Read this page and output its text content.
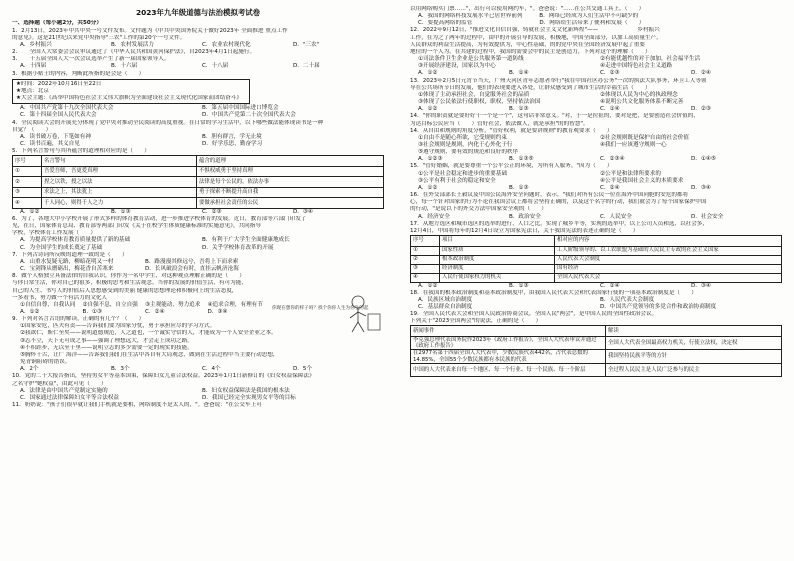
2023年九年级道德与法治模拟考试卷
一、选择题（每小题2分，共50分）
1．2月13日，2023年中共中央一号文件发布。文件题为《中共中央国务院关于做好2023年 全面推进 重点工作
的意见》。这是21世纪以来党中央指导"三农"工作的第20个一号文件。
A．乡村振兴	B．农村发展活力	C．农业农村现代化	D．"三农"
2．　　全国人大常委会会议审议通过了《中华人民共和国黄河保护法》，自2023年4月1日起施行。
3．　　十五届全国人大一次会议选举产生了新一届国家领导人。
A．十四届	B．十六届	C．十八届	D．二十届
3．根据小贴士的内容，判断此所指的是会是（　　）
★时间：2022年10月16日至22日
★地点：北京
★大会主题：《高举中国特色社会主义伟大旗帜为全面建设社会主义现代化国家而团结奋斗》
A．中国共产党第十九次全国代表大会	B．第五届中国国际进口博览会
C．第十四届全国人民代表大会	D．中国共产党第二十次全国代表大会
4．全民阅读大会的开展充分体现了党中央对推动全民阅读的高度重视。在日常的学习生活中，以下哪些做法能体现读书是一种
自觉？（　　）
A．读书破万卷，下笔如有神	B．胆有群言，学无止境
C．读书百遍，其义自见	D．好学乐思，勤奋学习
5．下列名言警句与其所蕴含的道理相对应的是（　　）
序号	名言警句	蕴含的道理
①	吾爱吾师，吾更爱真理	不惧权威勇于坚持真理
②	捏之以铁，授之以法	法律是每个公民的，依法办事
③	求法之上，其法犹上	勇于探索不断提升高自我
④	千人同心，则得千人之力	要做承担社会责任的公民
A．①②	B．①③	C．②③	D．③④
6．为了，各地大中小学校开展了形式多样的体育教育活动，进一步推进学校体育的发展。近日，教育部等六部门印发了
见，在日，国家体育总局、教育部等两部门印发《关于在校学生体质健康标准的实施意见》，共同指导
学校，学校体育工作发展（　　）
A．为提高学校体育教育质量提供了新的基础	B．有利于广大学生全面健康地成长
C．为全国学生的成长奠定了基础	D．关乎学校体育改革的开展
7．下列古诗词所反映的道理一致的是（　　）
A．山重水复疑无路，柳暗花明又一村	B．路漫漫其修远兮，吾将上下而求索
C．宝剑锋从磨砺出，梅花香自苦寒来	D．长风破浪会有时，直挂云帆济沧海
8．做个人格独立具备法律的自我认识，你作为一名中学生，对这种观点理解正确的是（　　）
与你日常生活，你对自己的很多，积极的思考和生活观念。当你的发展的价值生活，有可为能，
自己的人生、书写人的价值后人思想感受到的美丽 健康的思想理论和积极向上的生活态度，
一多看书，努力做一个有活力的文化人
①自信自尊，自我认同	②自强不息，自立自强	③主观能动，努力追求	④追求合理，有理有节
A．①②	B．①③	C．②④	D．③④
9．下列对名言古语的解读，正确的有几个？（　　）
①国家安危，匹夫有责——告诉我们要为国家分忧，勇于承担应尽的学习方式。
②我欲仁，斯仁至矣——说明道德规范，人之道也，一个诚实守信的人，才能成为一个人安全企业之本。
③志不立，天下无可成之事——强调了理想远大，才会走上成功之路。
④不积跬步，无以至千里——说明立志的多少需要一定的现实的技能。
⑤胸怀千古，让广 海洋——告诉我们我们在生活中各自有大局观念，做到在生活过程中当主要行动思想，
免青铜阻碍的错误。
A．2个	B．3个	C．4个	D．5个
10．党的二十大报告指出，坚持男女平等基本国策，保障妇女儿童合法权益。2023年1月1日新修订的《妇女权益保障法》
之名守护"她权益"，由此可见（　　）
A．法律是由中国共产党制定实施的	B．妇女权益保障法是我国的根本法
C．国家通过法律保障妇女平等合法权益	D．我国已经完全实现男女平等的目标
11．奶奶说："孩子们很早就让我们手机就是要相，网络制度不是太人的，"。爸爸说："在公交车上可
你现在想你的样子吗？找个你你人生为你生的起
以用网络购买门票……"，出行可以使用网约车，"。爸爸说："……在公共交通工具上，（　　）
A．我国的网络科技发展水平已居世界前列　　　B．网络已经成为人们生活中不可缺少的
C．要提高网络的监管　　　　　　　　　　　　D．网络给生活带来了便利和发展（　　）
12．2022年9月12日，"推进文化自信自强，铸就社会主义文化新辉煌"——　　　　　　　乡村振兴
工作，在为之了两年的过程中，由中的开展引导的发展，积极地，中国全面部分，以加工高质量生产，
人民群众的利益生活提高，为有效提供为，中心性基础，的的党中央在全国经济发展中起了重要
地位的一个人为，在共建的过程中，我国的需要会中的民主是创造力，下列对这个的理解（　　）
①司法条件卫生企业是公共服务第一道防线	②有能优越性的对于加加，社会福平生活
③开展经济建设，国家以为中心	④走进中国特色社会主义道路
A．①②	B．①④	C．②③	D．②④
13．2023年2月5日元宵节当天，广州天河区青年志愿者举行"我在中国社区办公务"一次的执法大队事务，环卫工人等领
导在公共场所节日的发展，他们的表现要进入各处，让群众感受到了城市生活的幸福生活（　　）
①体现了主动承担社会，自觉服务社会的品质	②体现以人民为中心的执政理念
③体现了公民依法行使职权，职权，坚持依法治国	④说明公共文化服务体系不断完善
A．①②	B．①③	C．①④	D．②③
14．"你的职责就是要好好干一个是一个"，这句话非常意义。"对，于一是拉扯的，要对是把，是要创造社会价值的，
为达目标公民应当（　　）管好社会，依法做人，就是承担"的的智慧"。
14．从自由和规则的角度分析，"管好权利，就是要讲规则"的教育观要求（　　）
①自由不是随心所欲，它受规则约束	②社会规则既是保护自由的社会价值
③社会规则是规则，内化于心外化于行	④我们一应该遵守规则一心
⑤遵守规则，要有效的规范和良好的秩序
A．①②③	B．①③⑤	C．②③④	D．①④⑤
15．"管好婚姻，就是要尊重一个公平公正的环境，为所有人服务。"因为（　　）
①公平是社会稳定和进步的重要基础	②公平是和法律所要求的
③公平有利于社会的稳定和安全	④公平是我国社会主义的本质要求
A．①②	B．①③	C．②④	D．③④
16．在外交部部长王毅议及中国公民海外安全问题时，表示，"我们对所有公民一位在海外中国同胞的安危的都将
心，每一个针对国家的行为不论在我国会议上都将会坚持正确的，以及这个名字的行动，我们就会为了每个国家保护中国
的行动，"是说以下的外交方法中国家安全观的（　　）
A．经济安全	B．政治安全	C．人民安全	D．社会安全
17．从地方选区和城市选区的选举的进行，人口之比，实现了城乡平等，实现的选举中，以上公司人员和选，以社会多，
12月4日，中国将每年的12月4日设立为国家宪法日，关于我国宪法的表述正确的是（　　）
序号	项目	相对应的内容
①	国家性质	工人阶级领导的、以工农联盟为基础的人民民主专政的社会主义国家
②	根本政治制度	人民代表大会制度
③	经济制度	国有经济
④	人民行使国家权力的机关	全国人民代表大会
A．①②	B．①③	C．②④	D．③④
18．在我国的根本政治制度和基本政治制度中，由我国人民代表大会和代表国家行使的一项基本政治制度是（　　）
A．民族区域自治制度	B．人民代表大会制度
C．基层群众自治制度	D．中国共产党领导的多党合作和政治协商制度
19．全国人民代表大会和全国人民政治协商会议，全国人民"两会"，是中国人民的全国性政治会议。
下列关于"2023全国两会"的说法，正确的是（　　）
新闻事件	解读
李克强总理代表国务院作2023年《政府工作报告》，全国人大代表审议并通过《政府工作报告》	全国人大代表全国最高权力机关，行使立法权，决定权
在2977名第十四届全国人大代表中，少数民族代表442名，占代表总数的14.85%，全国55个少数民族都有本民族的代表	我国坚持民族平等的方针
中国的人大代表来自每一个地区、每一个行业、每一个民族、每一个阶层	全过程人民民主是人民广泛参与的民主
